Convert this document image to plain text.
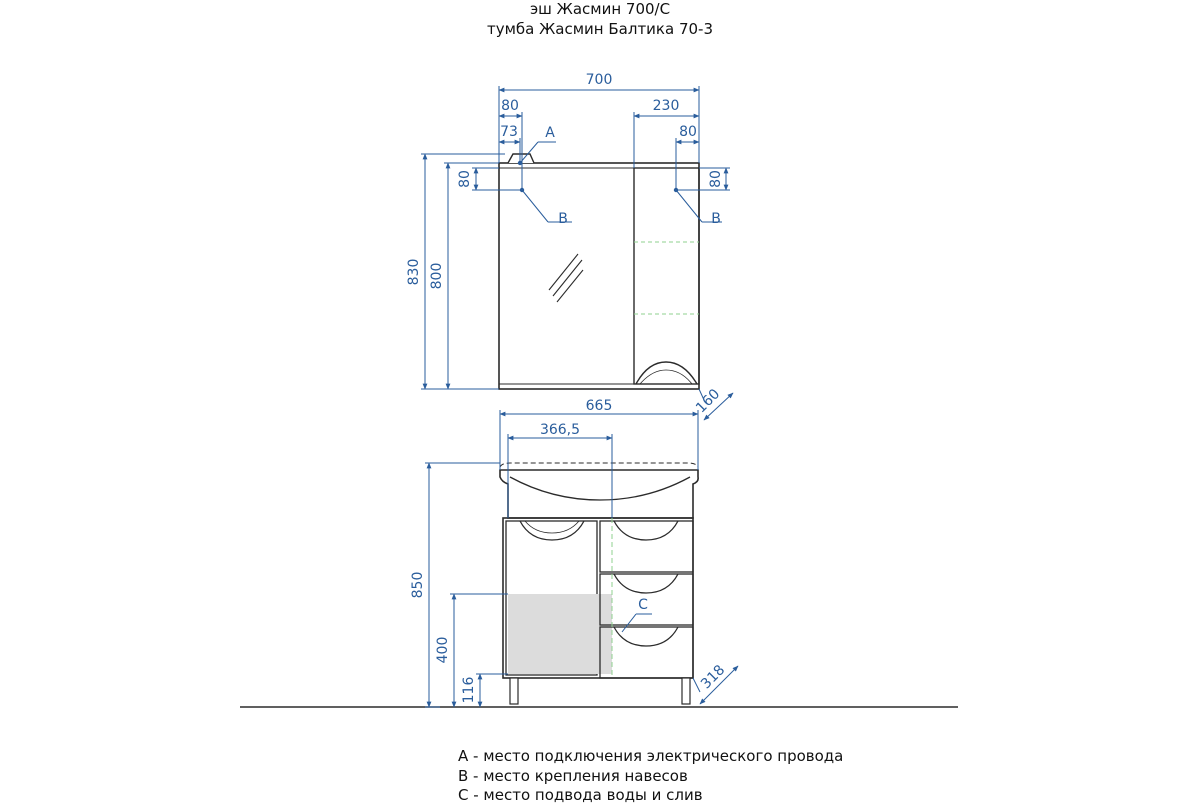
эш Жасмин 700/С
тумба Жасмин Балтика 70-3
700
80
73
230
80
830 800
80	80
160
A
B	B
665
366,5
850
400
116	318
C
А - место подключения электрического провода
В - место крепления навесов
С - место подвода воды и слив
